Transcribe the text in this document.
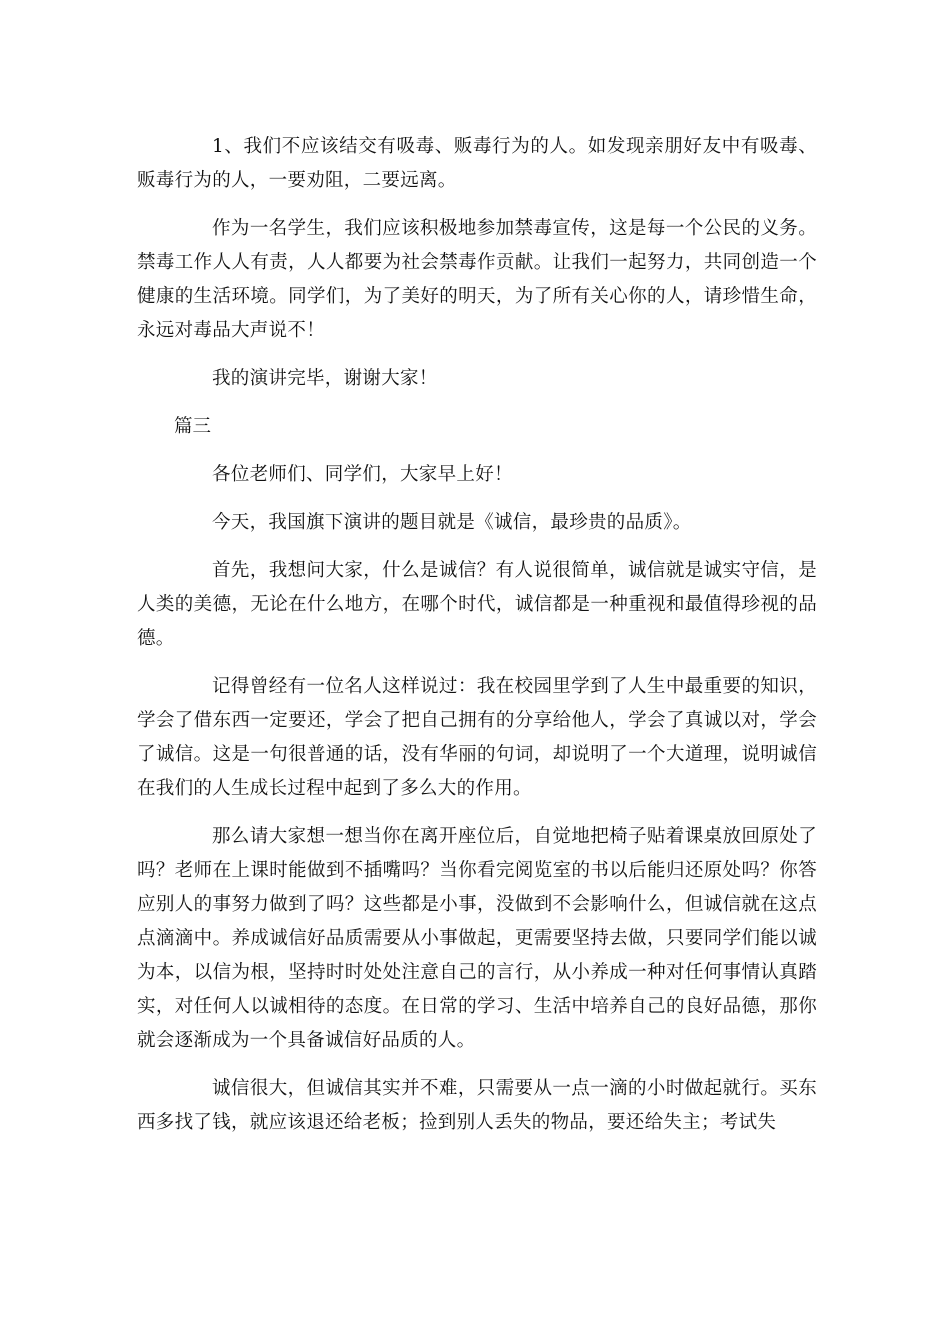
1、我们不应该结交有吸毒、贩毒行为的人。如发现亲朋好友中有吸毒、贩毒行为的人，一要劝阻，二要远离。

作为一名学生，我们应该积极地参加禁毒宣传，这是每一个公民的义务。禁毒工作人人有责，人人都要为社会禁毒作贡献。让我们一起努力，共同创造一个健康的生活环境。同学们，为了美好的明天，为了所有关心你的人，请珍惜生命，永远对毒品大声说不！

我的演讲完毕，谢谢大家！

篇三

各位老师们、同学们，大家早上好！

今天，我国旗下演讲的题目就是《诚信，最珍贵的品质》。

首先，我想问大家，什么是诚信？有人说很简单，诚信就是诚实守信，是人类的美德，无论在什么地方，在哪个时代，诚信都是一种重视和最值得珍视的品德。

记得曾经有一位名人这样说过：我在校园里学到了人生中最重要的知识，学会了借东西一定要还，学会了把自己拥有的分享给他人，学会了真诚以对，学会了诚信。这是一句很普通的话，没有华丽的句词，却说明了一个大道理，说明诚信在我们的人生成长过程中起到了多么大的作用。

那么请大家想一想当你在离开座位后，自觉地把椅子贴着课桌放回原处了吗？老师在上课时能做到不插嘴吗？当你看完阅览室的书以后能归还原处吗？你答应别人的事努力做到了吗？这些都是小事，没做到不会影响什么，但诚信就在这点点滴滴中。养成诚信好品质需要从小事做起，更需要坚持去做，只要同学们能以诚为本，以信为根，坚持时时处处注意自己的言行，从小养成一种对任何事情认真踏实，对任何人以诚相待的态度。在日常的学习、生活中培养自己的良好品德，那你就会逐渐成为一个具备诚信好品质的人。

诚信很大，但诚信其实并不难，只需要从一点一滴的小时做起就行。买东西多找了钱，就应该退还给老板；捡到别人丢失的物品，要还给失主；考试失
